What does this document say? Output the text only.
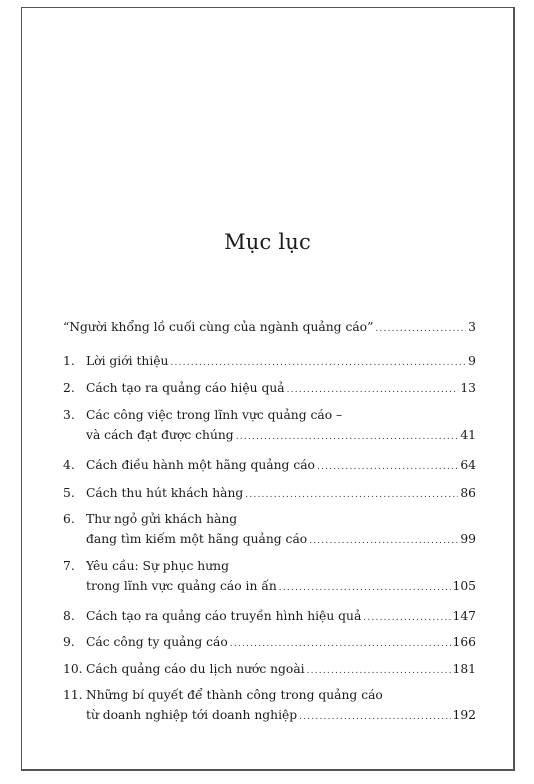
Mục lục
“Người khổng lồ cuối cùng của ngành quảng cáo” .....	3
1. Lời giới thiệu .....	9
2. Cách tạo ra quảng cáo hiệu quả .....	13
3. Các công việc trong lĩnh vực quảng cáo –
và cách đạt được chúng .....	41
4. Cách điều hành một hãng quảng cáo .....	64
5. Cách thu hút khách hàng .....	86
6. Thư ngỏ gửi khách hàng
đang tìm kiếm một hãng quảng cáo .....	99
7. Yêu cầu: Sự phục hưng
trong lĩnh vực quảng cáo in ấn .....	105
8. Cách tạo ra quảng cáo truyền hình hiệu quả .....	147
9. Các công ty quảng cáo .....	166
10. Cách quảng cáo du lịch nước ngoài .....	181
11. Những bí quyết để thành công trong quảng cáo
từ doanh nghiệp tới doanh nghiệp .....	192
